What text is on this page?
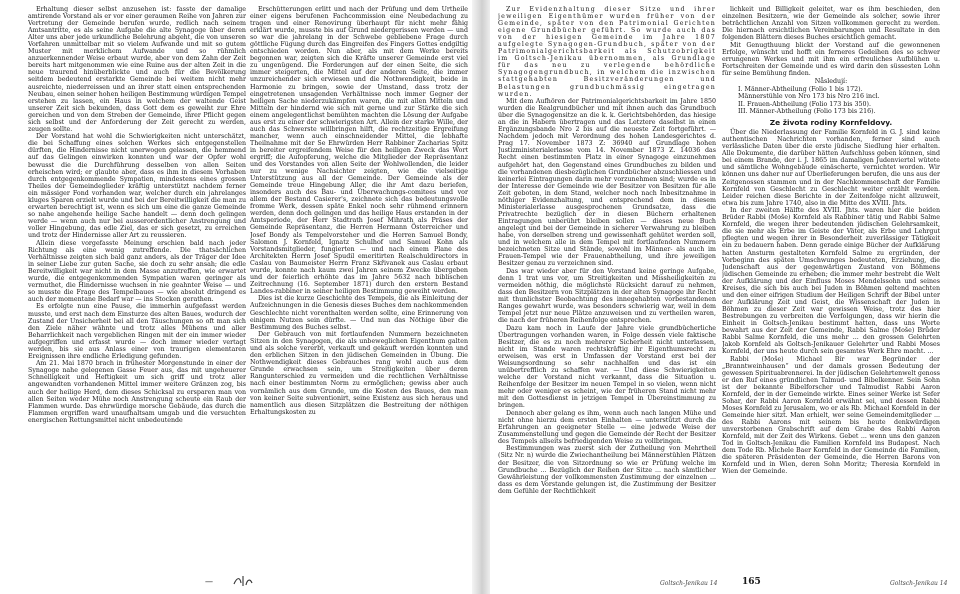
Erhaltung dieser selbst anzusehen ist: fasste der damalige amtirende Vorstand als er vor einer geraumen Reihe von Jahren zur Vertretung der Gemeinde berufen wurde, redlich nach seinem Amtsantritte, es als seine Aufgabe die alte Synagoge über deren Alter uns aber jede urkundliche Belehrung abgeht, die von unseren Vorfahren unmittelbar mit so vielem Aufwande und mit so gutem Muster mit merklichem Aufwande und so rühmlich anzuerkennender Weise erbaut wurde, aber von dem Zahn der Zeit bereits hart mitgenommen wie eine Ruine aus der alten Zeit in die neue traurend hinüberblickte und auch für die Bevölkerung seitdem bedeutend erstarkte Gemeinde bei weitem nicht mehr ausreichte, niederreissen und an ihrer statt einen entsprechenden Neubau, einen seiner hohen heiligen Bestimmung würdigen Tempel erstehen zu lassen, ein Haus in welchem der waltende Geist unserer Zeit sich bekunden, dass Gott dem es geweiht zur Ehre gereichen und von dem Streben der Gemeinde, ihrer Pflicht gegen sich selbst und der Anforderung der Zeit gerecht zu werden, zeugen sollte.

Der Vorstand hat wohl die Schwierigkeiten nicht unterschätzt, die bei Schaffung eines solchen Werkes sich entgegenstellen dürften, die Hindernisse nicht unerwogen gelassen, die hemmend auf das Gelingen einwirken konnten und war der Opfer wohl bewusst die die Durchführung desselben von allen Seiten erheischen wird; er glaubte aber, dass es ihm in diesem Vorhaben durch entgegenkommende Sympatien, mindestens eines grossen Theiles der Gemeindeglieder kräftig unterstützt nachdem ferner ein mässiger Fond vorhanden war, welcher durch ein jahrelanges kluges Sparen erzielt wurde und bei der Bereitwilligkeit die man zu erwarten berechtigt ist, wenn es sich um eine die ganze Gemeinde so nahe angehende heilige Sache handelt — denn doch gelingen werde — wenn auch nur bei ausserordentlicher Anstrengung und voller Hingebung, das edle Ziel, das er sich gesetzt, zu erreichen und trotz der Hindernisse aller Art zu reussieren.

Allein diese vorgefasste Meinung erschien bald nach jeder Richtung als eine wenig zutreffende. Die thatsächlichen Verhältnisse zeigten sich bald ganz anders, als der Träger der Idee in seiner Liebe zur guten Sache, sie doch zu sehr ansah; die edle Bereitwilligkeit war nicht in dem Masse anzutreffen, wie erwartet wurde, die entgegenkommenden Sympatien waren geringer als vermuthet, die Hindernisse wuchsen in nie geahnter Weise — und so musste die Frage des Tempelbaues — wie absolut dringend es auch der momentane Bedarf war — ins Stocken gerathen.

Es erfolgte nun eine Pause, die immerhin aufgefasst werden musste, und erst nach dem Einsturze des alten Baues, wodurch der Zustand der Unsicherheit bei all den Täuschungen so oft man sich den Ziele näher wähnte und trotz alles Mühens und aller Beharrlichkeit nach vergeblichen Ringen mit der ein immer wieder aufgegriffen und erfasst wurde — doch immer wieder vertagt werden, bis sie aus Anlass einer von traurigen elementaren Ereignissen ihre endliche Erledigung gefunden.

Am 21. Mai 1870 brach in frühester Morgenstunde in einer der Synagoge nahe gelegenen Gasse Feuer aus, das mit ungeheuerer Schnelligkeit und Heftigkeit um sich griff und trotz aller angewandten vorhandenen Mittel immer weitere Gränzen zog, bis auch der heilige Herd, dem dieses Schicksal zu ersparen man von allen Seiten weder Mühe noch Anstrengung scheute ein Raub der Flammen wurde. Das ehrwürdige morsche Gebäude, das durch die Flammen ergriffen ward unaufhaltsam umgab und die versuchten energischen Rettungsmittel nicht unbedeutende

Erschütterungen erlitt und nach der Prüfung und dem Urtheile einer eigens berufenen Fachcommission eine Neubedachung zu tragen und einer Renovirung überhaupt für nicht mehr fähig erklärt wurde, musste bis auf Grund niedergerissen werden — und so war die jahrelang in der Schwebe gebliebene Frage durch göttliche Fügung durch das Eingreifen des Fingers Gottes endgiltig entschieden worden. Nun aber, als mit dem Werke bereits begonnen war, zeigten sich die Kräfte unserer Gemeinde erst viel zu ungenügend. Die Forderungen auf der einen Seite, die sich immer steigerten, die Mittel auf der anderen Seite, die immer unzureichender sich erwiesen und die Nothwendigkeit, beide in Harmonie zu bringen, sowie der Umstand, dass trotz der eingetretenen unsagenden Verhältnisse noch immer Gegner der heiligen Sache niederzukämpfen waren, die mit allen Mitteln und Mitteln der hindernd wie sich mit gerne und zur Stärke die sich einem angelegentlichst bemühten machten die Lösung der Aufgabe aus erst zu einer der schwierigsten Art. Allein der starke Wille, der auch das Schwerste willbringen hilft, die rechtzeitige Ergreifung mancher, wenn auch einschneidender Mittel, die lebhafte Theilnahme mit der Se Ehrwürden Herr Rabbiner Zacharias Spitz in bereiter ergreifendem Weise für den heiligen Zweck das Wort ergriff; die Aufopferung, welche die Mitglieder der Repräsentanz und des Vorstandes von allen Seite der Wohlwollenden, die leider nur zu wenige Nachsichter zeigten, wie die vielseitige Unterstützung aus all der Gemeinde. Der Gemeinde als der Gemeinde treue Hingebung Aller, die ihr Amt dazu beriefen, insonders auch des Bau- und Überwachungs-comitees und vor allem der Bestand Casierer's, zeichnete sich das bedeutungsvolle fromme Werk, dessen späte Enkel noch sehr rühmend erinnern werden, denn doch gelingen und das heilige Haus erstanden in der Amtsperiode, der Herr Stadtrath Josef Mihrath als Präses der Gemeinde Repräsentanz, die Herren Hermann Österreicher und Josef Bondy als Tempelvorsteher und die Herren Samuel Bondy, Salomon J. Kornfeld, Ignatz Schulhof und Samuel Kohn als Vorstandsmitglieder, fungierten — und nach einem Plane des Architekten Herrn Josef Spudil emeritirten Realschuldirectors in Caslau von Baumeister Herrn Franz Skřivanek aus Caslau erbaut wurde, konnte nach kaum zwei Jahren seinem Zwecke übergeben und der feierlich erhöhte das im Jahre 5632 nach biblischen Zeitrechnung (16. September 1871) durch den erstern Bestand Landes-rabbiner in seiner heiligen Bestimmung geweiht werden.

Dies ist die kurze Geschichte des Tempels, die als Einleitung der Aufzeichnungen in die Genesis dieses Buches dem nachkommenden Geschlechte nicht vorenthalten werden sollte, eine Erinnerung von einigem Nutzen sein dürfte. — Und nun das Nöthige über die Bestimmung des Buches selbst.

Der Gebrauch von mit fortlaufenden Nummern bezeichneten Sitzen in den Synagogen, die als unbeweglichen Eigenthum galten und als solche vererbt, verkauft und gekauft werden konnten und den erblichen Sitzen in den jüdischen Gemeinden in Übung. Die Nothwendigkeit dieses Gebrauches rang wohl auch aus dem Grunde erwachsen sein, um Streitigkeiten über deren Rangunterschied zu vermeiden und die rechtlichen Verhältnisse nach einer bestimmten Norm zu ermöglichen; gewiss aber auch vornämlich aus dem Grunde, um die Kosten des Baues, den man von keiner Seite subventionirt, seine Existenz aus sich heraus und namentlich aus diesen Sitzplätzen die Bestreitung der nöthigen Erhaltungskosten zu

—

Zur Evidenzhaltung dieser Sitze und ihrer jeweiligen Eigenthümer wurden früher von der Gemeinde, später von den Patrimonial Gerichten eigene Grundbücher geführt. So wurde auch das von der hiesigen Gemeinde im Jahre 1807 aufgelegte Synagogen-Grundbuch, später von der Patrimonialgerichtsbarkeit als Schutzobrigkeit im Goltsch-Jenikau übernommen, als Grundlage für das neu zu verlegende behördliche Synagogengrundbuch, in welchem die inzwischen stattgehabten Besitzveränderungen und Belastungen grundbuchmässig eingetragen wurden.

Mit dem Aufhören der Patrimonialgerichtsbarkeit im Jahre 1850 wurden die Realgrundbücher und mit ihnen auch das Grundbuch über die Synagogensitze an die k. k. Gerichtsbehörden, das hiesige an die in Habern übertragen und das Letztere daselbst in einen Ergänzungsbande Nro 2 bis auf die neueste Zeit fortgeführt. — Nachdem jedoch mit Verordnung des hohen Landesgerichtes d. Prag 17. November 1873 Z: 36940 auf Grundlage hohen Justizministerialerlasse vom 14. November 1873 Z. 14036 das Recht einen bestimmten Platz in einer Synagoge einzunehmen aufgehört hat, den Gegenstand eines Grundbuches zu bilden und die vorhandenen diesbezüglichen Grundbücher abzuschliessen und keinerlei Eintragungen darin mehr vorzunehmen sind; wurde es in der Interesse der Gemeinde wie der Besitzer von Besitzen für alle Zeit geboten, in dem Stand, welcher noch nach Inbesitznahme in nöthiger Evidenzhaltung, und entsprechend dem in diesem Ministerialerlasse ausgesprochenen Grundsatze, dass die Privatrechte bezüglich der in diesen Büchern erhaltenen Eintragungen unberührt bleiben sollen — dieses neue Buch angelegt und bei der Gemeinde in sicherer Verwahrung zu bleiben habe, von derselben streng und gewissenhaft gehütet werden soll, und in welchem alle in dem Tempel mit fortlaufenden Nummern bezeichneten Sitze und Stände, sowohl im Männer- als auch im Frauen-Tempel wie der Frauenabtheilung, und ihre jeweiligen Besitzer genau zu verzeichnen sind.

Das war wieder aber für den Vorstand keine geringe Aufgabe, denn 1 trat uns vor, um Streitigkeiten und Missheiligkeiten zu vermeiden nöthig, die möglichste Rücksicht darauf zu nehmen, dass den Besitzern von Sitzplätzen in der alten Synagoge ihr Recht mit thunlichster Beobachtung des innegehabten vorbestandenen Ranges gewahrt wurde, was besonders schwierig war, weil in dem Tempel jetzt nur neue Plätze anzuweisen und zu vertheilen waren, die nach der früheren Reihenfolge entsprechen.

Dazu kam noch in Laufe der Jahre viele grundbücherliche Übertragungen vorhanden waren, in Folge dessen viele faktische Besitzer, die es zu noch mehrerer Sicherheit nicht unterlassen, nicht im Stande waren rechtskräftig ihr Eigenthumsrecht zu erweisen, was erst in Umfassen der Vorstand erst bei der Weisungsordnung so sehr nachhalfen und das ist ein unübertrefflich zu schaffen war. — Und diese Schwierigkeiten welche der Vorstand nicht verkannt, dass die Situation u. Reihenfolge der Besitzer im neuen Tempel in so vielen, wenn nicht mehr oder weniger es scheint, wie der früheren Stand nicht mehr mit den Gottesdienst in jetzigen Tempel in Übereinstimmung zu bringen.

Dennoch aber gelang es ihm, wenn auch nach langen Mühe und nicht ohne hierzu dem ersten Einhalten — unterstützt durch die Erfahrungen an geeigneter Stelle — eine jedwede Weise der Zusammenstellung und gegen die Gemeinde der Recht der Besitzer des Tempels allseits befriedigenden Weise zu vollbringen.

Bestimmungen was zuerst sich der Zutheilung von Mehrtheil (Sitz Nr. n) wurde die Zwiechantheilung bei Männerstühlen Plätzen der Besitzer, die von Sitzordnung so wie er Prüfung welche im Grundbuche ... Bezüglich der Reihen der Sitze ... nach sämtlicher Gewährleistung der vollkommensten Zustimmung der einzelnen ... dass es dem Vorstande gelungen ist, die Zustimmung der Besitzer dem Gefühle der Rechtlichkeit

lichkeit und Billigkeit geleitet, war es ihm beschieden, den einzelnen Besitzern, wie der Gemeinde als solcher, sowie ihrer beträchtlichen Anzahl von Sitzen vollkommen gerecht zu werden. Die hiernach ersichtlichen Vereinbarungen und Resultate in den folgenden Blättern dieses Buches ersichtlich gemacht.

Mit Genugthuung blickt der Vorstand auf die gewonnenen Erfolge, wünscht und hofft ein ferneres Gedeihen des so schwer errungenen Werkes und mit ihm ein erfreuliches Aufblühen u. Fortschreiten der Gemeinde und es wird darin den süssesten Lohn für seine Bemühung finden.

Nåsledují:

I. Männer-Abtheilung (Folio 1 bis 172).

Männerstühle von Nro 173 bis Nro 216 incl.

II. Frauen-Abtheilung (Folio 173 bis 350).

III. Männer-Abtheilung (Folio 173 bis 216).

Ze života rodiny Kornfeldovy.

Über die Niederlassung der Familie Kornfeld in G. J. sind keine authentischen Nachrichten vorhanden, ferner sind auch verlässliche Daten über die erste jüdische Siedlung hier erhalten. Alle Dokumente, die darüber hätten Aufschluss geben können, sind bei einem Brande, der i. J. 1865 im damaligen Judenviertel wütete und sämtliche Wohngebäude einäscherte, vernichtet worden. Wir können uns daher nur auf Überlieferungen berufen, die uns aus der Zeitgenossen stammen und in der Nachkommenschaft der Familie Kornfeld von Geschlecht zu Geschlecht weiter erzählt werden. Leider reichen diese Berichte in der Zeitenfolge nicht allzuweit, etwa bis zum Jahre 1740, also in die Mitte des XVIII. Jhts.

In der zweiten Hälfte des XVIII. Jhts. waren hier die beiden Brüder Rabbi (Moše) Kornfeld als Rabbiner tätig und Rabbi Salme Kornfeld, die wegen ihrer bedeutenden jüdischen Gelehrsamkeit, die sie mehr als Erbe im Geiste der Väter, als Erbe und Lehrgut pflegten und wegen ihrer in Besonderheit zuverlässiger Tätigkeit ein zu bedauern haben. Denn gerade einige Bücher der Aufklärung hatten Ansturm gestalteten Kornfeld Salme zu ergründen, der Vorbeginn des späten Umschwunges bedeuteten, Erziehung, die Judenschaft aus der gegenwärtigen Zustand von Böhmens jüdischen Gemeinde zu erheben; die immer mehr bestrebt die Welt der Aufklärung und der Einfluss Moses Mendelssohn und seines Kreises, die sich bis auch bei Juden in Böhmen geltend machten und den einer eifrigen Studium der Heiligen Schrift der Bibel unter der Aufklärung Zeit und Geist, die Wissenschaft der Juden in Böhmen zu dieser Zeit war gewissen Weise, trotz des hier Bestrebungen zu verbreiten die Verfolgungen, dass wir hierin die Einheit in Goltsch-Jenikau bestimmt hatten, dass uns Worte bewahrt aus der Zeit der Gemeinde, Rabbi Salme (Moše) Brůder Rabbi Salme Kornfeld, die uns mehr ... den grossen Gelehrten Jakob Kornfeld als Goltsch-Jenikauer Gelehrter und Rabbi Moses Kornfeld, der uns heute durch sein gesamtes Werk Ehre macht. ...

Rabbi (Moše) Michael Bír war Begründer der „Branntweinhausen“ und der damals grossen Bedeutung der gewessen Spirituabrennerei. In der jüdischen Gelehrtenwelt genoss er den Ruf eines gründlichen Talmud- und Bibelkenner. Sein Sohn ist der bekannte Bibelforscher und Talmudist Rabbi Aaron Kornfeld, der in der Gemeinde wirkte. Eines seiner Werke ist Sefer Sohar, der Rabbi Aaron Kornfeld erwähnt sei, und dessen Rabbi Moses Kornfeld zu Jerusalem, wo er als Rb. Michael Kornfeld in der Gemeinde hier sitzt. Man erhielt, wer seine Gemeindemitglieder ... des Rabbi Aarons mit seinem bis heute denkwürdigen unverstorbenen Grabschrift auf dem Grabe des Rabbi Aaron Kornfeld, mit der Zeit des Wirkens. Gebet ... wenn uns den ganzen Tod in Goltsch-Jenikau die Familien Kornfeld ins Budapest. Nach dem Tode Rb. Michele Baer Kornfeld in der Gemeinde die Familien, die späteren Präsidenten der Gemeinde, die Herren Barons von Kornfeld und in Wien, deren Sohn Moritz; Theresia Kornfeld in Wien der Gemeinde.

Goltsch-Jenikau 14	165	Goltsch-Jenikau 14
